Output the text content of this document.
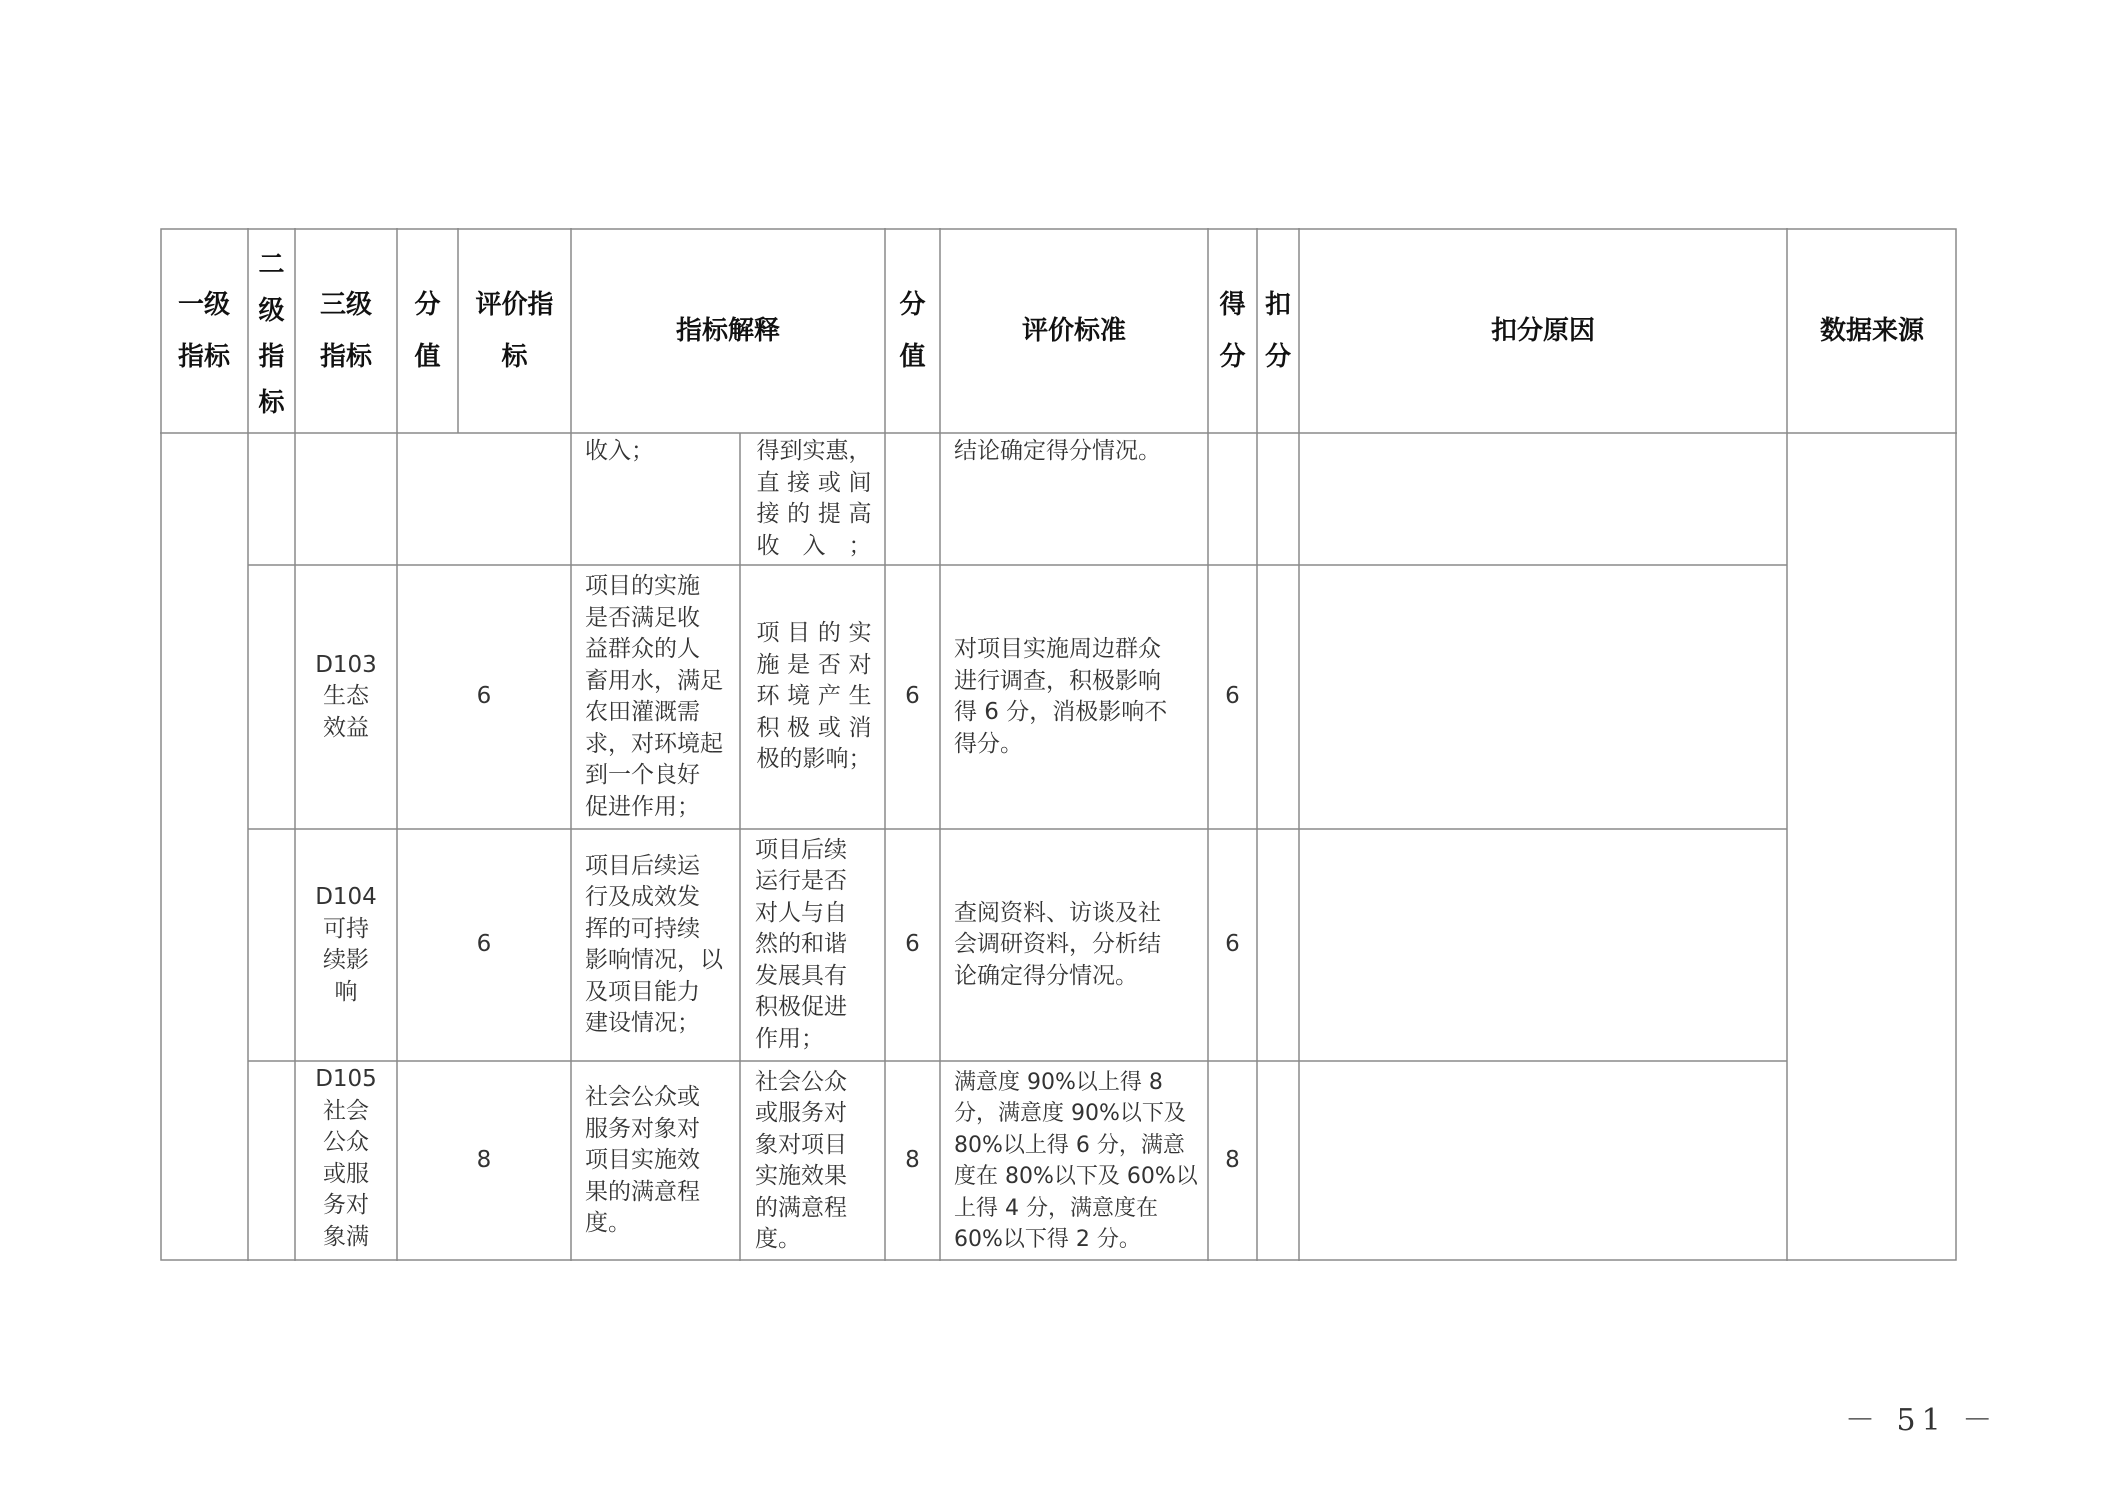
一级
指标
二
级
指
标
三级
指标
分
值
评价指
标
指标解释
分
值
评价标准
得
分
扣
分
扣分原因	数据来源
收入；	得到实惠，
直接或间
接的提高
收入；
结论确定得分情况。
D103
生态
效益
6
项目的实施
是否满足收
益群众的人
畜用水，满足
农田灌溉需
求，对环境起
到一个良好
促进作用；
项目的实
施是否对
环境产生
积极或消
极的影响；
6
对项目实施周边群众
进行调查，积极影响
得 6 分，消极影响不
得分。
6
D104
可持
续影
响
6
项目后续运
行及成效发
挥的可持续
影响情况，以
及项目能力
建设情况；
项目后续
运行是否
对人与自
然的和谐
发展具有
积极促进
作用；
6
查阅资料、访谈及社
会调研资料，分析结
论确定得分情况。
6
D105
社会
公众
或服
务对
象满
8
社会公众或
服务对象对
项目实施效
果的满意程
度。
社会公众
或服务对
象对项目
实施效果
的满意程
度。
8
满意度 90%以上得 8
分，满意度 90%以下及
80%以上得 6 分，满意
度在 80%以下及 60%以
上得 4 分，满意度在
60%以下得 2 分。
8
－ 51 －
